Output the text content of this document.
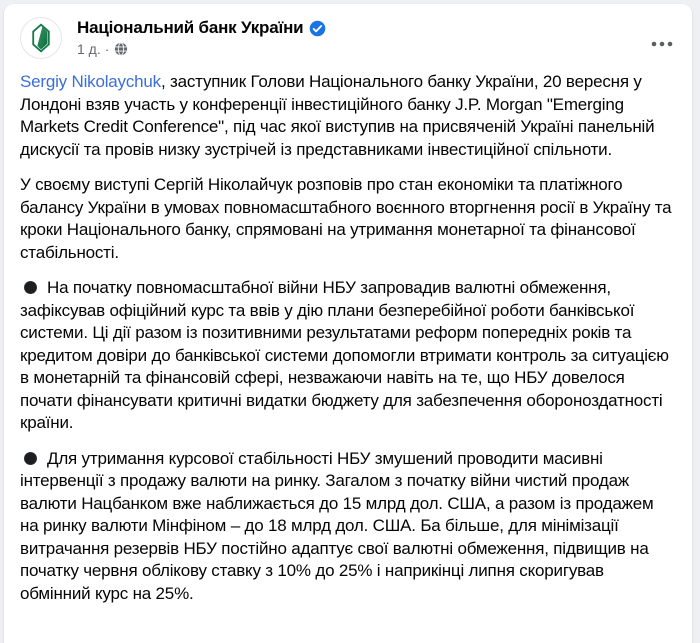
Національний банк України
1 д. ·

Sergiy Nikolaychuk, заступник Голови Національного банку України, 20 вересня у Лондоні взяв участь у конференції інвестиційного банку J.P. Morgan "Emerging Markets Credit Conference", під час якої виступив на присвяченій Україні панельній дискусії та провів низку зустрічей із представниками інвестиційної спільноти.

У своєму виступі Сергій Ніколайчук розповів про стан економіки та платіжного балансу України в умовах повномасштабного воєнного вторгнення росії в Україну та кроки Національного банку, спрямовані на утримання монетарної та фінансової стабільності.

На початку повномасштабної війни НБУ запровадив валютні обмеження, зафіксував офіційний курс та ввів у дію плани безперебійної роботи банківської системи. Ці дії разом із позитивними результатами реформ попередніх років та кредитом довіри до банківської системи допомогли втримати контроль за ситуацією в монетарній та фінансовій сфері, незважаючи навіть на те, що НБУ довелося почати фінансувати критичні видатки бюджету для забезпечення обороноздатності країни.

Для утримання курсової стабільності НБУ змушений проводити масивні інтервенції з продажу валюти на ринку. Загалом з початку війни чистий продаж валюти Нацбанком вже наближається до 15 млрд дол. США, а разом із продажем на ринку валюти Мінфіном – до 18 млрд дол. США. Ба більше, для мінімізації витрачання резервів НБУ постійно адаптує свої валютні обмеження, підвищив на початку червня облікову ставку з 10% до 25% і наприкінці липня скоригував обмінний курс на 25%.
